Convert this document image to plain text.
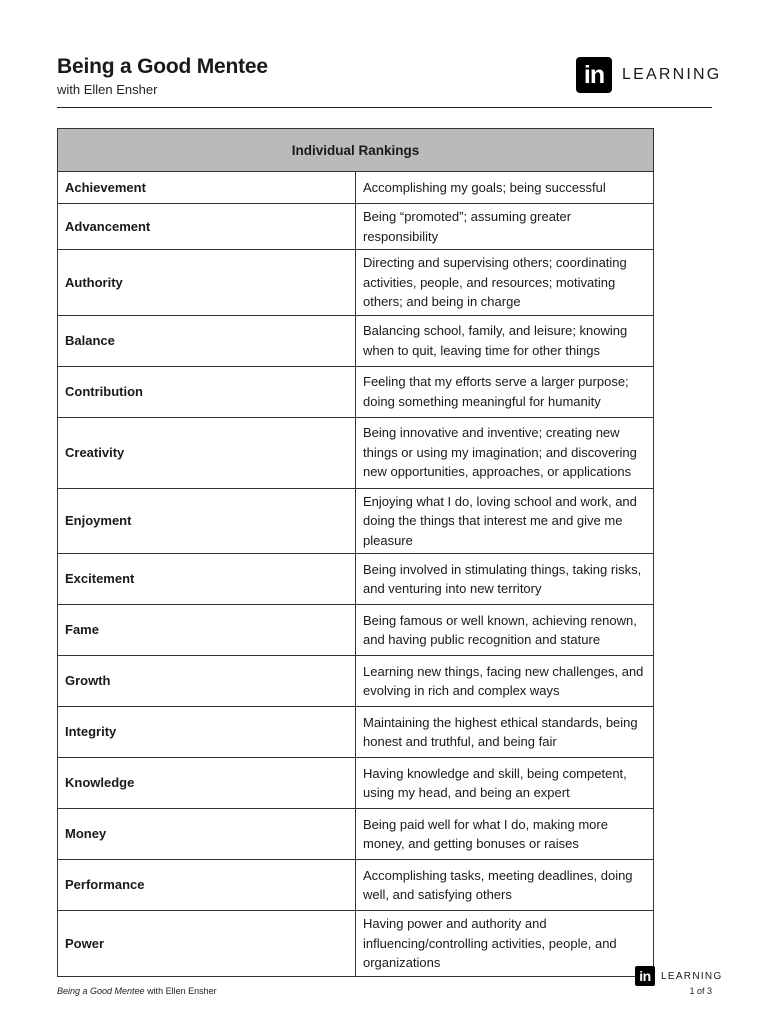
Being a Good Mentee
with Ellen Ensher
in	LEARNING
Individual Rankings	
Achievement	Accomplishing my goals; being successful
Advancement	Being “promoted”; assuming greater responsibility
Authority	Directing and supervising others; coordinating activities, people, and resources; motivating others; and being in charge
Balance	Balancing school, family, and leisure; knowing when to quit, leaving time for other things
Contribution	Feeling that my efforts serve a larger purpose; doing something meaningful for humanity
Creativity	Being innovative and inventive; creating new things or using my imagination; and discovering new opportunities, approaches, or applications
Enjoyment	Enjoying what I do, loving school and work, and doing the things that interest me and give me pleasure
Excitement	Being involved in stimulating things, taking risks, and venturing into new territory
Fame	Being famous or well known, achieving renown, and having public recognition and stature
Growth	Learning new things, facing new challenges, and evolving in rich and complex ways
Integrity	Maintaining the highest ethical standards, being honest and truthful, and being fair
Knowledge	Having knowledge and skill, being competent, using my head, and being an expert
Money	Being paid well for what I do, making more money, and getting bonuses or raises
Performance	Accomplishing tasks, meeting deadlines, doing well, and satisfying others
Power	Having power and authority and influencing/controlling activities, people, and organizations
Being a Good Mentee with Ellen Ensher
in	LEARNING
1 of 3
